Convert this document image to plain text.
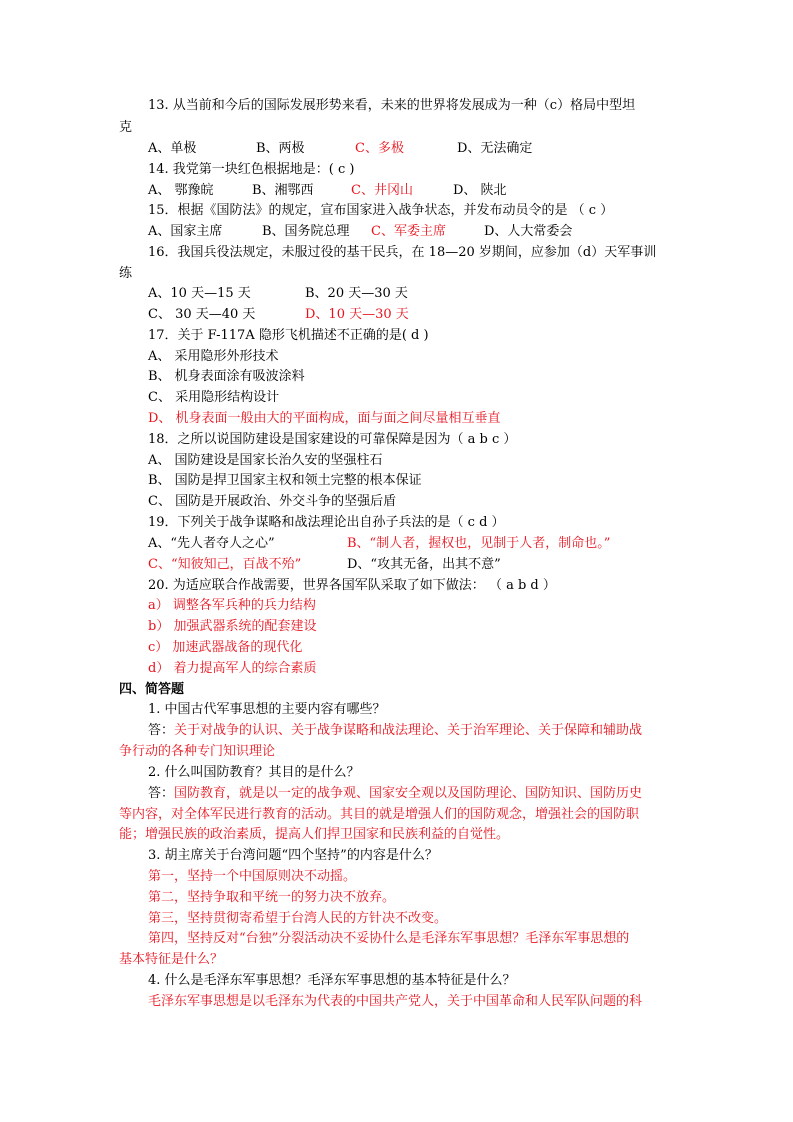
13. 从当前和今后的国际发展形势来看，未来的世界将发展成为一种（c）格局中型坦
克
A、单极	B、两极	C、多极	D、无法确定
14. 我党第一块红色根据地是：( c )
A、 鄂豫皖	B、湘鄂西	C、井冈山	D、 陕北
15．根据《国防法》的规定，宣布国家进入战争状态，并发布动员令的是 （ c ）
A、国家主席	B、国务院总理 C、军委主席	D、人大常委会
16．我国兵役法规定，未服过役的基干民兵，在 18—20 岁期间，应参加（d）天军事训
练
A、10 天—15 天	B、20 天—30 天
C、 30 天—40 天	D、10 天—30 天
17．关于 F-117A 隐形飞机描述不正确的是( d )
A、 采用隐形外形技术
B、 机身表面涂有吸波涂料
C、 采用隐形结构设计
D、 机身表面一般由大的平面构成，面与面之间尽量相互垂直
18．之所以说国防建设是国家建设的可靠保障是因为（ a b c ）
A、 国防建设是国家长治久安的坚强柱石
B、 国防是捍卫国家主权和领土完整的根本保证
C、 国防是开展政治、外交斗争的坚强后盾
19．下列关于战争谋略和战法理论出自孙子兵法的是（ c d ）
A、“先人者夺人之心”	B、“制人者，握权也，见制于人者，制命也。”
C、“知彼知己，百战不殆”	D、“攻其无备，出其不意”
20. 为适应联合作战需要，世界各国军队采取了如下做法： （ a b d ）
a） 调整各军兵种的兵力结构
b） 加强武器系统的配套建设
c） 加速武器战备的现代化
d） 着力提高军人的综合素质
四、简答题
1. 中国古代军事思想的主要内容有哪些？
答：关于对战争的认识、关于战争谋略和战法理论、关于治军理论、关于保障和辅助战
争行动的各种专门知识理论
2. 什么叫国防教育？其目的是什么？
答：国防教育，就是以一定的战争观、国家安全观以及国防理论、国防知识、国防历史
等内容，对全体军民进行教育的活动。其目的就是增强人们的国防观念，增强社会的国防职
能；增强民族的政治素质，提高人们捍卫国家和民族利益的自觉性。
3. 胡主席关于台湾问题“四个坚持”的内容是什么？
第一，坚持一个中国原则决不动摇。
第二，坚持争取和平统一的努力决不放弃。
第三，坚持贯彻寄希望于台湾人民的方针决不改变。
第四，坚持反对“台独”分裂活动决不妥协什么是毛泽东军事思想？毛泽东军事思想的
基本特征是什么？
4. 什么是毛泽东军事思想？毛泽东军事思想的基本特征是什么？
毛泽东军事思想是以毛泽东为代表的中国共产党人，关于中国革命和人民军队问题的科
